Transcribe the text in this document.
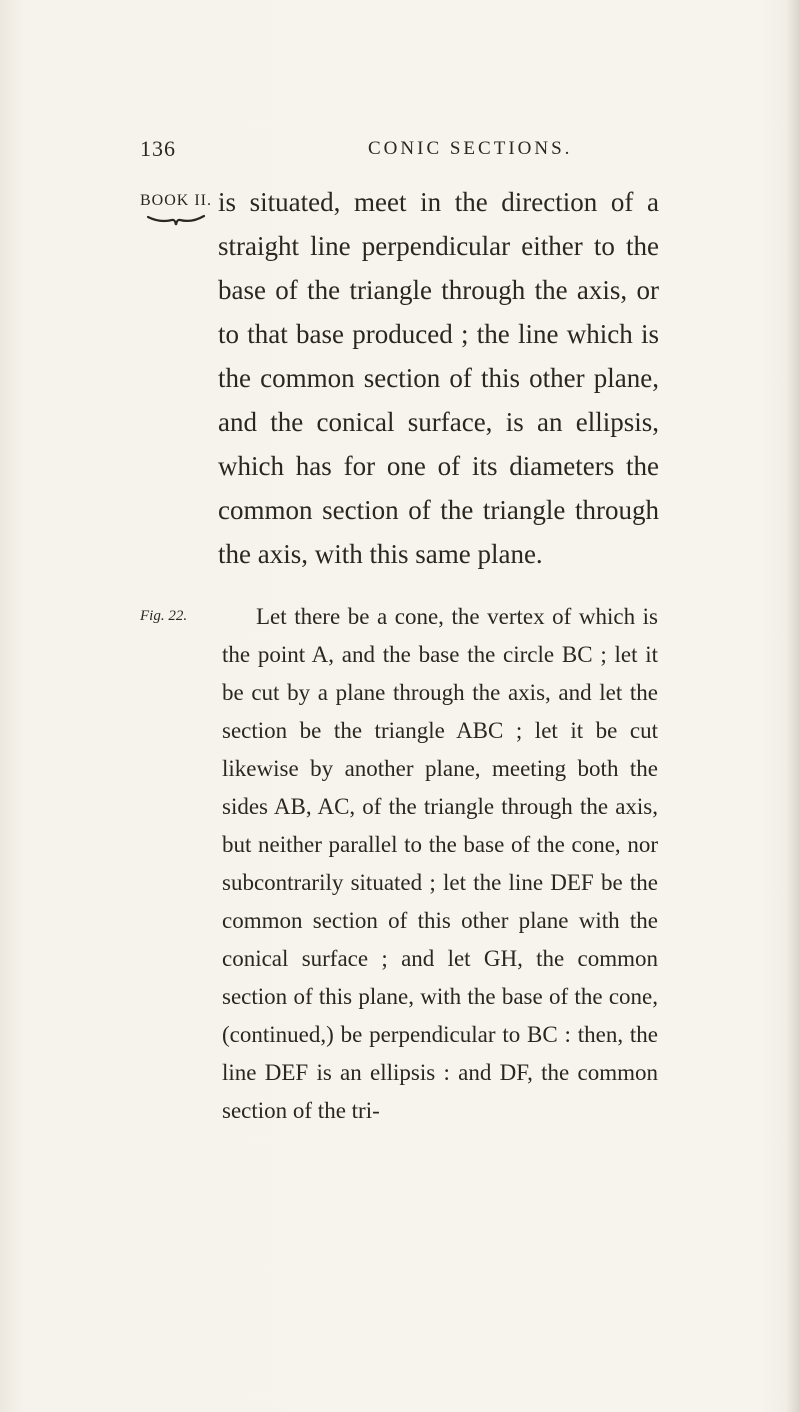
136	CONIC SECTIONS.
BOOK II. is situated, meet in the direction of a straight line perpendicular either to the base of the triangle through the axis, or to that base produced ; the line which is the common section of this other plane, and the conical surface, is an ellipsis, which has for one of its diameters the common section of the triangle through the axis, with this same plane.

Fig. 22.	Let there be a cone, the vertex of which is the point A, and the base the circle BC ; let it be cut by a plane through the axis, and let the section be the triangle ABC ; let it be cut likewise by another plane, meeting both the sides AB, AC, of the triangle through the axis, but neither parallel to the base of the cone, nor subcontrarily situated ; let the line DEF be the common section of this other plane with the conical surface ; and let GH, the common section of this plane, with the base of the cone, (continued,) be perpendicular to BC : then, the line DEF is an ellipsis : and DF, the common section of the tri-
